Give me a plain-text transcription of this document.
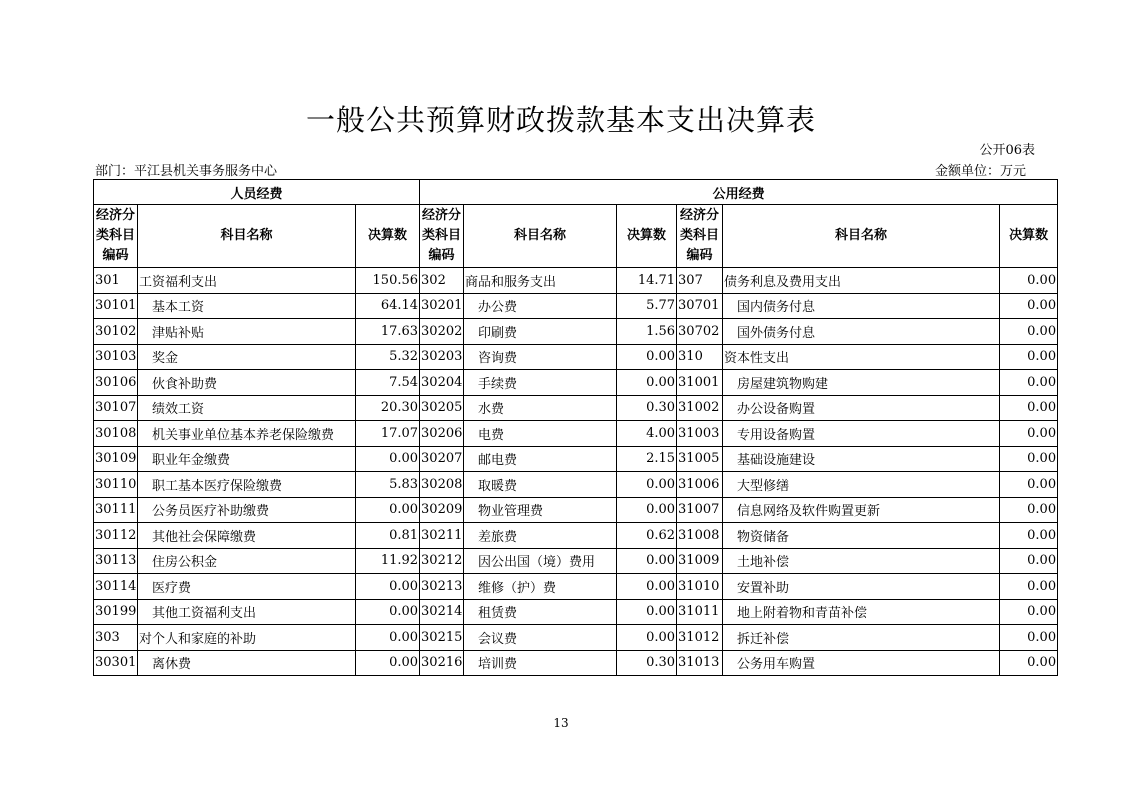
一般公共预算财政拨款基本支出决算表
公开06表
部门：平江县机关事务服务中心	金额单位：万元
人员经费			公用经费					
经济分类科目编码	科目名称	决算数	经济分类科目编码	科目名称	决算数	经济分类科目编码	科目名称	决算数
301	工资福利支出	150.56	302	商品和服务支出	14.71	307	债务利息及费用支出	0.00
30101	基本工资	64.14	30201	办公费	5.77	30701	国内债务付息	0.00
30102	津贴补贴	17.63	30202	印刷费	1.56	30702	国外债务付息	0.00
30103	奖金	5.32	30203	咨询费	0.00	310	资本性支出	0.00
30106	伙食补助费	7.54	30204	手续费	0.00	31001	房屋建筑物购建	0.00
30107	绩效工资	20.30	30205	水费	0.30	31002	办公设备购置	0.00
30108	机关事业单位基本养老保险缴费	17.07	30206	电费	4.00	31003	专用设备购置	0.00
30109	职业年金缴费	0.00	30207	邮电费	2.15	31005	基础设施建设	0.00
30110	职工基本医疗保险缴费	5.83	30208	取暖费	0.00	31006	大型修缮	0.00
30111	公务员医疗补助缴费	0.00	30209	物业管理费	0.00	31007	信息网络及软件购置更新	0.00
30112	其他社会保障缴费	0.81	30211	差旅费	0.62	31008	物资储备	0.00
30113	住房公积金	11.92	30212	因公出国（境）费用	0.00	31009	土地补偿	0.00
30114	医疗费	0.00	30213	维修（护）费	0.00	31010	安置补助	0.00
30199	其他工资福利支出	0.00	30214	租赁费	0.00	31011	地上附着物和青苗补偿	0.00
303	对个人和家庭的补助	0.00	30215	会议费	0.00	31012	拆迁补偿	0.00
30301	离休费	0.00	30216	培训费	0.30	31013	公务用车购置	0.00
13
